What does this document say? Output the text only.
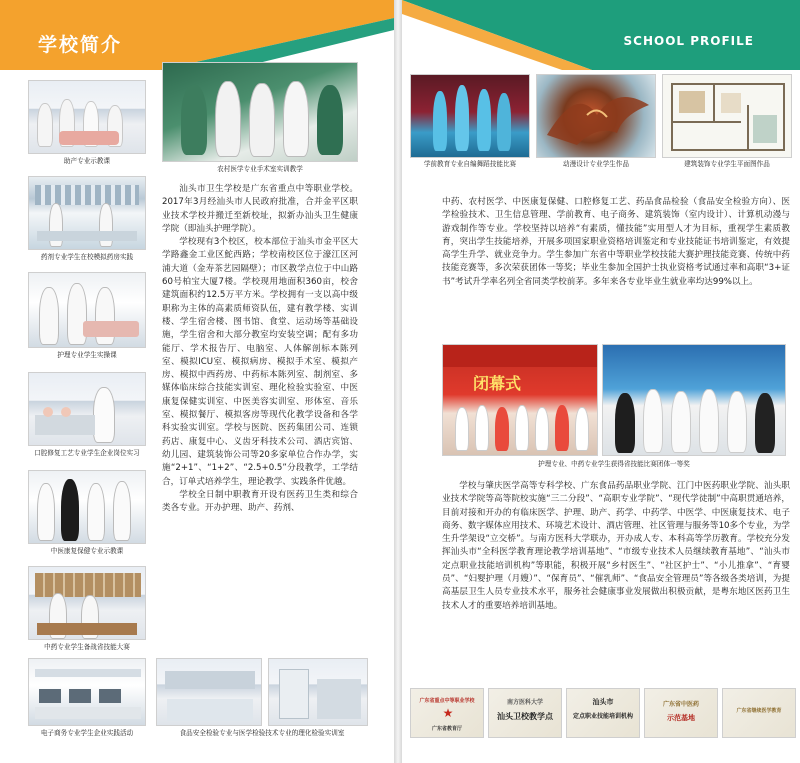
学校简介
助产专业示教课
农村医学专业手术室实训教学
药剂专业学生在校模拟药房实践
护理专业学生实操课
口腔修复工艺专业学生企业岗位实习
中医康复保健专业示教课
中药专业学生备战省技能大赛
电子商务专业学生企业实践活动	食品安全检验专业与医学检验技术专业的理化检验实训室

汕头市卫生学校是广东省重点中等职业学校。2017年3月经汕头市人民政府批准，合并金平区职业技术学校并搬迁至新校址，拟新办汕头卫生健康学院（即汕头护理学院）。

学校现有3个校区，校本部位于汕头市金平区大学路鑫金工业区鮀西路；学校南校区位于濠江区河浦大道（金寿茶艺园隔壁）；市区教学点位于中山路60号柏宝大厦7楼。学校现用地面积360亩，校舍建筑面积约12.5万平方米。学校拥有一支以高中级职称为主体的高素质师资队伍，建有教学楼、实训楼、学生宿舍楼、图书馆、食堂、运动场等基础设施，学生宿舍和大部分教室均安装空调；配有多功能厅、学术报告厅、电脑室、人体解剖标本陈列室、模拟ICU室、模拟病房、模拟手术室、模拟产房、模拟中西药房、中药标本陈列室、制剂室、多媒体临床综合技能实训室、理化检验实验室、中医康复保健实训室、中医美容实训室、形体室、音乐室、模拟餐厅、模拟客房等现代化教学设备和各学科实验实训室。学校与医院、医药集团公司、连锁药店、康复中心、义齿牙科技术公司、酒店宾馆、幼儿园、建筑装饰公司等20多家单位合作办学，实施“2+1”、“1+2”、“2.5+0.5”分段教学，工学结合，订单式培养学生，理论教学、实践条件优越。

学校全日制中职教育开设有医药卫生类和综合类各专业。开办护理、助产、药剂、

SCHOOL PROFILE
学前教育专业自编舞蹈技能比赛	动漫设计专业学生作品	建筑装饰专业学生平面图作品

中药、农村医学、中医康复保健、口腔修复工艺、药品食品检验（食品安全检验方向）、医学检验技术、卫生信息管理、学前教育、电子商务、建筑装饰（室内设计）、计算机动漫与游戏制作等专业。学校坚持以培养“有素质，懂技能”实用型人才为目标，重视学生素质教育，突出学生技能培养，开展多项国家职业资格培训鉴定和专业技能证书培训鉴定，有效提高学生升学、就业竞争力。学生参加广东省中等职业学校技能大赛护理技能竞赛、传统中药技能竞赛等，多次荣获团体一等奖；毕业生参加全国护士执业资格考试通过率和高职“3+证书”考试升学率名列全省同类学校前茅。多年来各专业毕业生就业率均达99%以上。

闭幕式
护理专业、中药专业学生获得省技能比赛团体一等奖

学校与肇庆医学高等专科学校、广东食品药品职业学院、江门中医药职业学院、汕头职业技术学院等高等院校实施“三二分段”、“高职专业学院”、“现代学徒制”中高职贯通培养，目前对接和开办的有临床医学、护理、助产、药学、中药学、中医学、中医康复技术、电子商务、数字媒体应用技术、环境艺术设计、酒店管理、社区管理与服务等10多个专业，为学生升学架设“立交桥”。与南方医科大学联办，开办成人专、本科高等学历教育。学校充分发挥汕头市“全科医学教育理论教学培训基地”、“市级专业技术人员继续教育基地”、“汕头市定点职业技能培训机构”等职能，积极开展“乡村医生”、“社区护士”、“小儿推拿”、“育婴员”、“妇婴护理（月嫂）”、“保育员”、“催乳师”、“食品安全管理员”等各级各类培训，为提高基层卫生人员专业技术水平，服务社会健康事业发展做出积极贡献，是粤东地区医药卫生技术人才的重要培养培训基地。

广东省重点中等职业学校
★
广东省教育厅
南方医科大学
汕头卫校教学点
汕头市
定点职业技能培训机构
广东省中医药
示范基地
广东省继续医学教育
